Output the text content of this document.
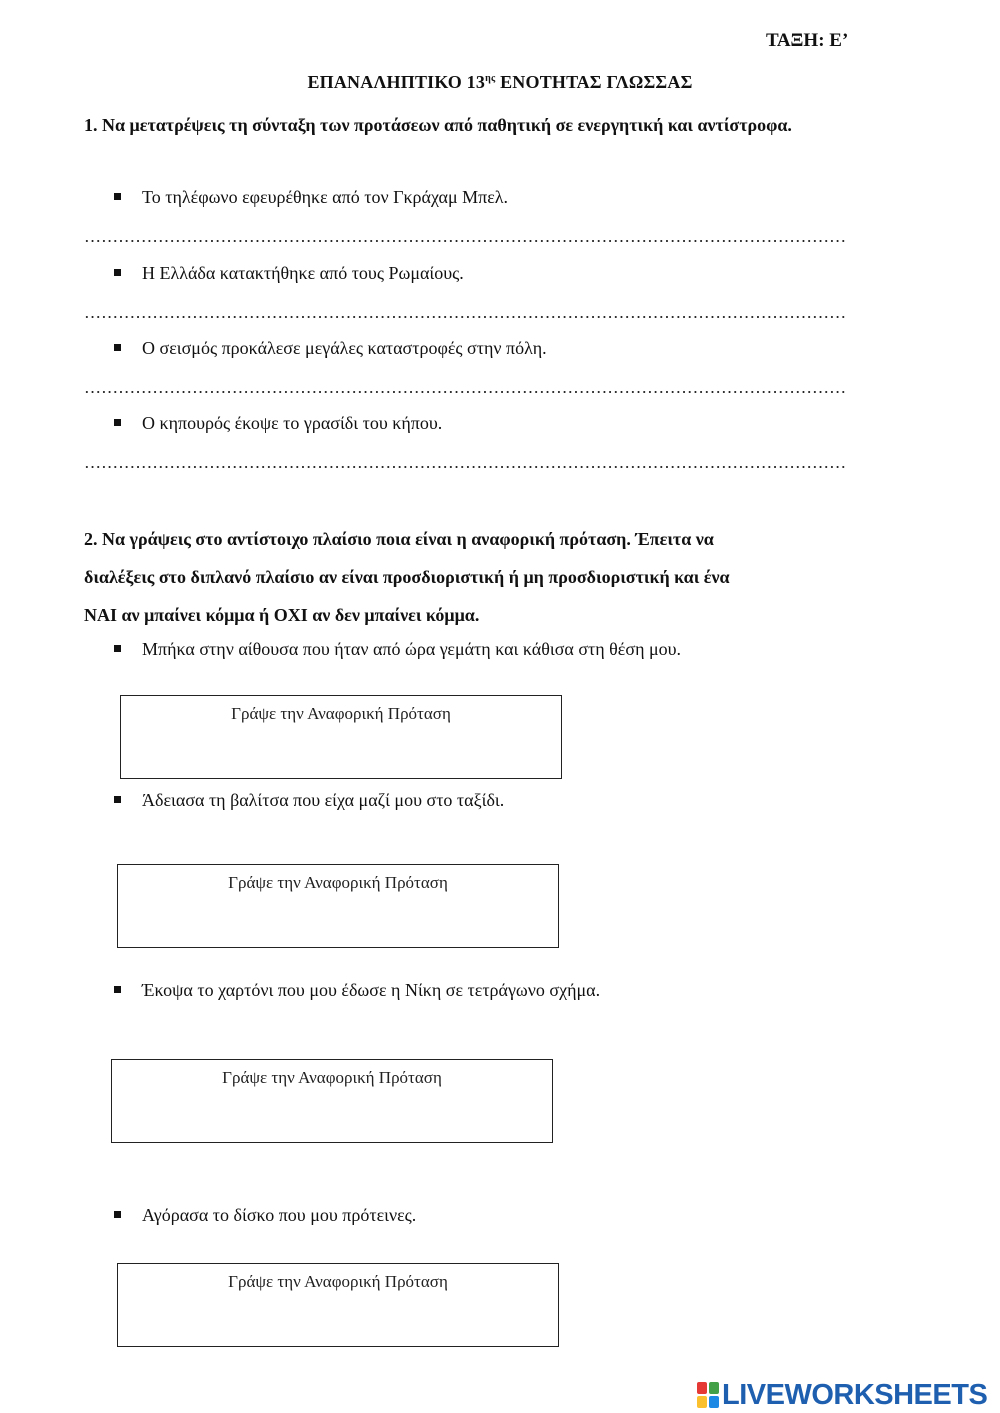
ΤΑΞΗ: Ε’
ΕΠΑΝΑΛΗΠΤΙΚΟ $13^{\eta\varsigma}$ ΕΝΟΤΗΤΑΣ ΓΛΩΣΣΑΣ
1. Να μετατρέψεις τη σύνταξη των προτάσεων από παθητική σε ενεργητική και αντίστροφα.
Το τηλέφωνο εφευρέθηκε από τον Γκράχαμ Μπελ.
Η Ελλάδα κατακτήθηκε από τους Ρωμαίους.
Ο σεισμός προκάλεσε μεγάλες καταστροφές στην πόλη.
Ο κηπουρός έκοψε το γρασίδι του κήπου.
2. Να γράψεις στο αντίστοιχο πλαίσιο ποια είναι η αναφορική πρόταση. Έπειτα να
διαλέξεις στο διπλανό πλαίσιο αν είναι προσδιοριστική ή μη προσδιοριστική και ένα
ΝΑΙ αν μπαίνει κόμμα ή ΟΧΙ αν δεν μπαίνει κόμμα.
Μπήκα στην αίθουσα που ήταν από ώρα γεμάτη και κάθισα στη θέση μου.
Γράψε την Αναφορική Πρόταση
Άδειασα τη βαλίτσα που είχα μαζί μου στο ταξίδι.
Γράψε την Αναφορική Πρόταση
Έκοψα το χαρτόνι που μου έδωσε η Νίκη σε τετράγωνο σχήμα.
Γράψε την Αναφορική Πρόταση
Αγόρασα το δίσκο που μου πρότεινες.
Γράψε την Αναφορική Πρόταση
LIVEWORKSHEETS
